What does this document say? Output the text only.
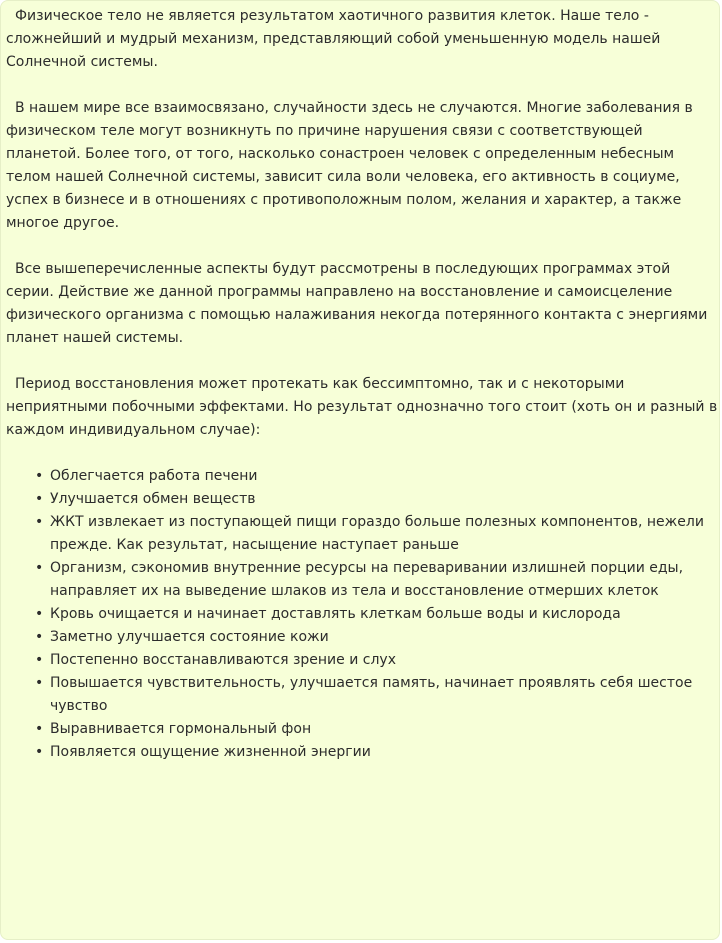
Физическое тело не является результатом хаотичного развития клеток. Наше тело - сложнейший и мудрый механизм, представляющий собой уменьшенную модель нашей Солнечной системы.

В нашем мире все взаимосвязано, случайности здесь не случаются. Многие заболевания в физическом теле могут возникнуть по причине нарушения связи с соответствующей планетой. Более того, от того, насколько сонастроен человек с определенным небесным телом нашей Солнечной системы, зависит сила воли человека, его активность в социуме, успех в бизнесе и в отношениях с противоположным полом, желания и характер, а также многое другое.

Все вышеперечисленные аспекты будут рассмотрены в последующих программах этой серии. Действие же данной программы направлено на восстановление и самоисцеление физического организма с помощью налаживания некогда потерянного контакта с энергиями планет нашей системы.

Период восстановления может протекать как бессимптомно, так и с некоторыми неприятными побочными эффектами. Но результат однозначно того стоит (хоть он и разный в каждом индивидуальном случае):

•Облегчается работа печени
•Улучшается обмен веществ
•ЖКТ извлекает из поступающей пищи гораздо больше полезных компонентов, нежели прежде. Как результат, насыщение наступает раньше
•Организм, сэкономив внутренние ресурсы на переваривании излишней порции еды, направляет их на выведение шлаков из тела и восстановление отмерших клеток
•Кровь очищается и начинает доставлять клеткам больше воды и кислорода
•Заметно улучшается состояние кожи
•Постепенно восстанавливаются зрение и слух
•Повышается чувствительность, улучшается память, начинает проявлять себя шестое чувство
•Выравнивается гормональный фон
•Появляется ощущение жизненной энергии
